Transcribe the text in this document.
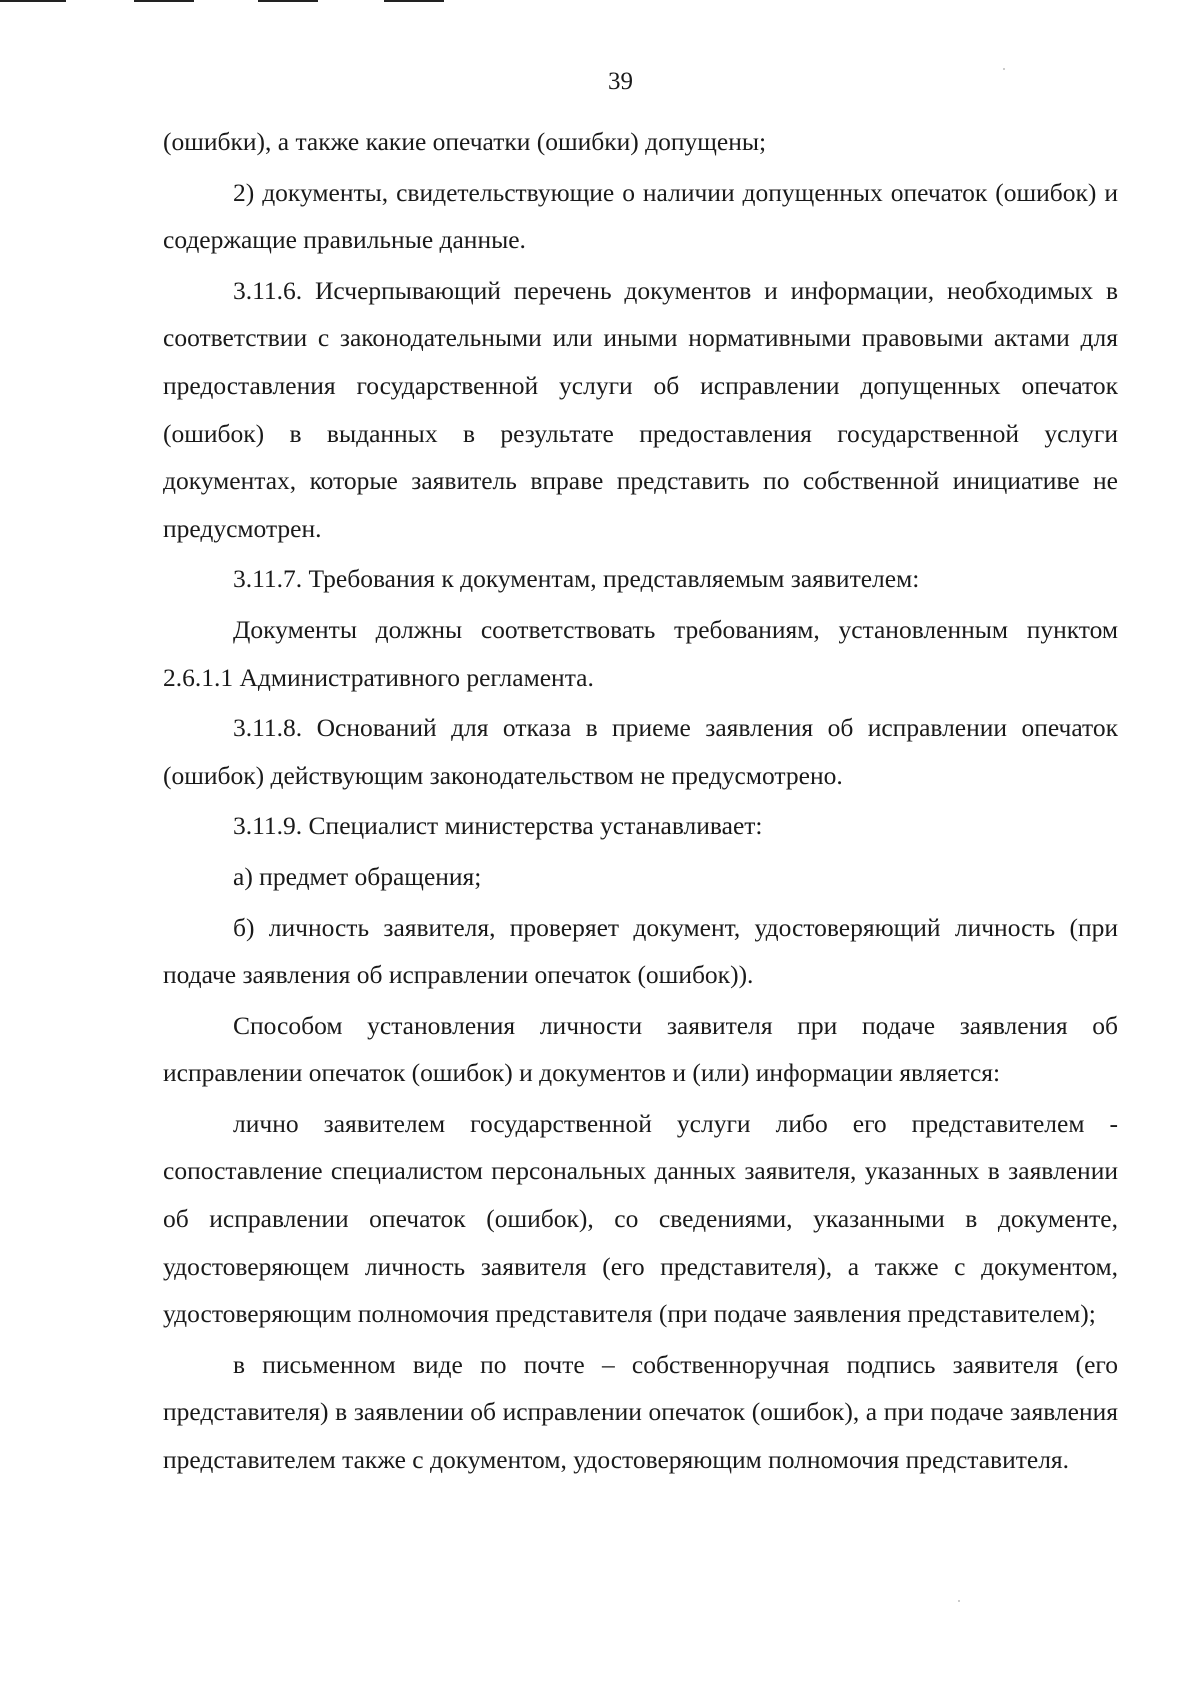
39

(ошибки), а также какие опечатки (ошибки) допущены;

2) документы, свидетельствующие о наличии допущенных опечаток (ошибок) и содержащие правильные данные.

3.11.6. Исчерпывающий перечень документов и информации, необходимых в соответствии с законодательными или иными нормативными правовыми актами для предоставления государственной услуги об исправлении допущенных опечаток (ошибок) в выданных в результате предоставления государственной услуги документах, которые заявитель вправе представить по собственной инициативе не предусмотрен.

3.11.7. Требования к документам, представляемым заявителем:

Документы должны соответствовать требованиям, установленным пунктом 2.6.1.1 Административного регламента.

3.11.8. Оснований для отказа в приеме заявления об исправлении опечаток (ошибок) действующим законодательством не предусмотрено.

3.11.9. Специалист министерства устанавливает:

а) предмет обращения;

б) личность заявителя, проверяет документ, удостоверяющий личность (при подаче заявления об исправлении опечаток (ошибок)).

Способом установления личности заявителя при подаче заявления об исправлении опечаток (ошибок) и документов и (или) информации является:

лично заявителем государственной услуги либо его представителем - сопоставление специалистом персональных данных заявителя, указанных в заявлении об исправлении опечаток (ошибок), со сведениями, указанными в документе, удостоверяющем личность заявителя (его представителя), а также с документом, удостоверяющим полномочия представителя (при подаче заявления представителем);

в письменном виде по почте – собственноручная подпись заявителя (его представителя) в заявлении об исправлении опечаток (ошибок), а при подаче заявления представителем также с документом, удостоверяющим полномочия представителя.
